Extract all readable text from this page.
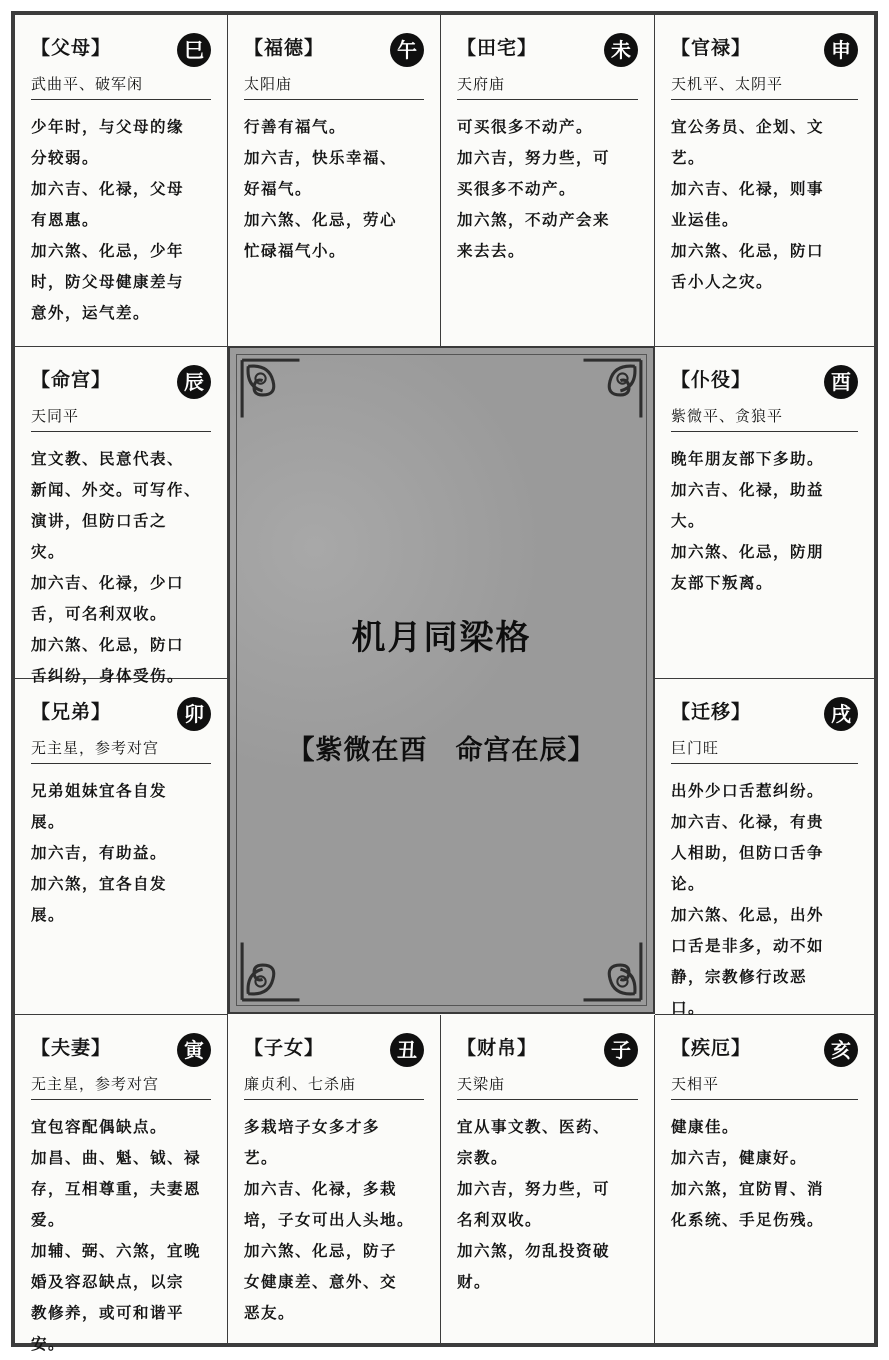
【父母】	巳
武曲平、破军闲

少年时，与父母的缘

分较弱。

加六吉、化禄，父母

有恩惠。

加六煞、化忌，少年

时，防父母健康差与

意外，运气差。

【福德】	午
太阳庙

行善有福气。

加六吉，快乐幸福、

好福气。

加六煞、化忌，劳心

忙碌福气小。

【田宅】	未
天府庙

可买很多不动产。

加六吉，努力些，可

买很多不动产。

加六煞，不动产会来

来去去。

【官禄】	申
天机平、太阴平

宜公务员、企划、文

艺。

加六吉、化禄，则事

业运佳。

加六煞、化忌，防口

舌小人之灾。

【命宫】	辰
天同平

宜文教、民意代表、

新闻、外交。可写作、

演讲，但防口舌之

灾。

加六吉、化禄，少口

舌，可名利双收。

加六煞、化忌，防口

舌纠纷，身体受伤。

【仆役】	酉
紫微平、贪狼平

晚年朋友部下多助。

加六吉、化禄，助益

大。

加六煞、化忌，防朋

友部下叛离。

【兄弟】	卯
无主星，参考对宫

兄弟姐妹宜各自发

展。

加六吉，有助益。

加六煞，宜各自发

展。

【迁移】	戌
巨门旺

出外少口舌惹纠纷。

加六吉、化禄，有贵

人相助，但防口舌争

论。

加六煞、化忌，出外

口舌是非多，动不如

静，宗教修行改恶

口。

【夫妻】	寅
无主星，参考对宫

宜包容配偶缺点。

加昌、曲、魁、钺、禄

存，互相尊重，夫妻恩

爱。

加辅、弼、六煞，宜晚

婚及容忍缺点，以宗

教修养，或可和谐平

安。

【子女】	丑
廉贞利、七杀庙

多栽培子女多才多

艺。

加六吉、化禄，多栽

培，子女可出人头地。

加六煞、化忌，防子

女健康差、意外、交

恶友。

【财帛】	子
天梁庙

宜从事文教、医药、

宗教。

加六吉，努力些，可

名利双收。

加六煞，勿乱投资破

财。

【疾厄】	亥
天相平

健康佳。

加六吉，健康好。

加六煞，宜防胃、消

化系统、手足伤残。

机月同梁格
【紫微在酉　命宫在辰】
